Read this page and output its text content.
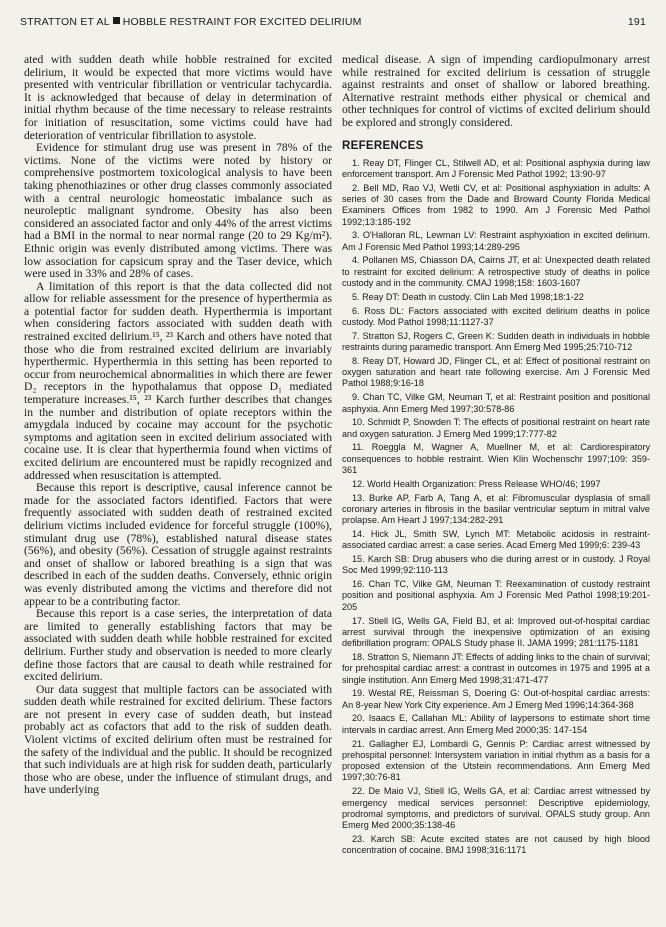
STRATTON ET AL HOBBLE RESTRAINT FOR EXCITED DELIRIUM	191

ated with sudden death while hobble restrained for excited delirium, it would be expected that more victims would have presented with ventricular fibrillation or ventricular tachycardia. It is acknowledged that because of delay in determination of initial rhythm because of the time necessary to release restraints for initiation of resuscitation, some victims could have had deterioration of ventricular fibrillation to asystole.

Evidence for stimulant drug use was present in 78% of the victims. None of the victims were noted by history or comprehensive postmortem toxicological analysis to have been taking phenothiazines or other drug classes commonly associated with a central neurologic homeostatic imbalance such as neuroleptic malignant syndrome. Obesity has also been considered an associated factor and only 44% of the arrest victims had a BMI in the normal to near normal range (20 to 29 Kg/m²). Ethnic origin was evenly distributed among victims. There was low association for capsicum spray and the Taser device, which were used in 33% and 28% of cases.

A limitation of this report is that the data collected did not allow for reliable assessment for the presence of hyperthermia as a potential factor for sudden death. Hyperthermia is important when considering factors associated with sudden death with restrained excited delirium.¹⁵, ²³ Karch and others have noted that those who die from restrained excited delirium are invariably hyperthermic. Hyperthermia in this setting has been reported to occur from neurochemical abnormalities in which there are fewer D₂ receptors in the hypothalamus that oppose D₁ mediated temperature increases.¹⁵, ²³ Karch further describes that changes in the number and distribution of opiate receptors within the amygdala induced by cocaine may account for the psychotic symptoms and agitation seen in excited delirium associated with cocaine use. It is clear that hyperthermia found when victims of excited delirium are encountered must be rapidly recognized and addressed when resuscitation is attempted.

Because this report is descriptive, causal inference cannot be made for the associated factors identified. Factors that were frequently associated with sudden death of restrained excited delirium victims included evidence for forceful struggle (100%), stimulant drug use (78%), established natural disease states (56%), and obesity (56%). Cessation of struggle against restraints and onset of shallow or labored breathing is a sign that was described in each of the sudden deaths. Conversely, ethnic origin was evenly distributed among the victims and therefore did not appear to be a contributing factor.

Because this report is a case series, the interpretation of data are limited to generally establishing factors that may be associated with sudden death while hobble restrained for excited delirium. Further study and observation is needed to more clearly define those factors that are causal to death while restrained for excited delirium.

Our data suggest that multiple factors can be associated with sudden death while restrained for excited delirium. These factors are not present in every case of sudden death, but instead probably act as cofactors that add to the risk of sudden death. Violent victims of excited delirium often must be restrained for the safety of the individual and the public. It should be recognized that such individuals are at high risk for sudden death, particularly those who are obese, under the influence of stimulant drugs, and have underlying

medical disease. A sign of impending cardiopulmonary arrest while restrained for excited delirium is cessation of struggle against restraints and onset of shallow or labored breathing. Alternative restraint methods either physical or chemical and other techniques for control of victims of excited delirium should be explored and strongly considered.

REFERENCES
1. Reay DT, Flinger CL, Stilwell AD, et al: Positional asphyxia during law enforcement transport. Am J Forensic Med Pathol 1992; 13:90-97
2. Bell MD, Rao VJ, Wetli CV, et al: Positional asphyxiation in adults: A series of 30 cases from the Dade and Broward County Florida Medical Examiners Offices from 1982 to 1990. Am J Forensic Med Pathol 1992;13:185-192
3. O'Halloran RL, Lewman LV: Restraint asphyxiation in excited delirium. Am J Forensic Med Pathol 1993;14:289-295
4. Pollanen MS, Chiasson DA, Cairns JT, et al: Unexpected death related to restraint for excited delirium: A retrospective study of deaths in police custody and in the community. CMAJ 1998;158: 1603-1607
5. Reay DT: Death in custody. Clin Lab Med 1998;18:1-22
6. Ross DL: Factors associated with excited delirium deaths in police custody. Mod Pathol 1998;11:1127-37
7. Stratton SJ, Rogers C, Green K: Sudden death in individuals in hobble restraints during paramedic transport. Ann Emerg Med 1995;25:710-712
8. Reay DT, Howard JD, Flinger CL, et al: Effect of positional restraint on oxygen saturation and heart rate following exercise. Am J Forensic Med Pathol 1988;9:16-18
9. Chan TC, Vilke GM, Neuman T, et al: Restraint position and positional asphyxia. Ann Emerg Med 1997;30:578-86
10. Schmidt P, Snowden T: The effects of positional restraint on heart rate and oxygen saturation. J Emerg Med 1999;17:777-82
11. Roeggla M, Wagner A, Muellner M, et al: Cardiorespiratory consequences to hobble restraint. Wien Klin Wochenschr 1997;109: 359-361
12. World Health Organization: Press Release WHO/46; 1997
13. Burke AP, Farb A, Tang A, et al: Fibromuscular dysplasia of small coronary arteries in fibrosis in the basilar ventricular septum in mitral valve prolapse. Am Heart J 1997;134:282-291
14. Hick JL, Smith SW, Lynch MT: Metabolic acidosis in restraint-associated cardiac arrest: a case series. Acad Emerg Med 1999;6: 239-43
15. Karch SB: Drug abusers who die during arrest or in custody. J Royal Soc Med 1999;92:110-113
16. Chan TC, Vilke GM, Neuman T: Reexamination of custody restraint position and positional asphyxia. Am J Forensic Med Pathol 1998;19:201-205
17. Stiell IG, Wells GA, Field BJ, et al: Improved out-of-hospital cardiac arrest survival through the inexpensive optimization of an exising defibrillation program: OPALS Study phase II. JAMA 1999; 281:1175-1181
18. Stratton S, Niemann JT: Effects of adding links to the chain of survival; for prehospital cardiac arrest: a contrast in outcomes in 1975 and 1995 at a single institution. Ann Emerg Med 1998;31:471-477
19. Westal RE, Reissman S, Doering G: Out-of-hospital cardiac arrests: An 8-year New York City experience. Am J Emerg Med 1996;14:364-368
20. Isaacs E, Callahan ML: Ability of laypersons to estimate short time intervals in cardiac arrest. Ann Emerg Med 2000;35: 147-154
21. Gallagher EJ, Lombardi G, Gennis P: Cardiac arrest witnessed by prehospital personnel: Intersystem variation in initial rhythm as a basis for a proposed extension of the Utstein recommendations. Ann Emerg Med 1997;30:76-81
22. De Maio VJ, Stiell IG, Wells GA, et al: Cardiac arrest witnessed by emergency medical services personnel: Descriptive epidemiology, prodromal symptoms, and predictors of survival. OPALS study group. Ann Emerg Med 2000;35:138-46
23. Karch SB: Acute excited states are not caused by high blood concentration of cocaine. BMJ 1998;316:1171
